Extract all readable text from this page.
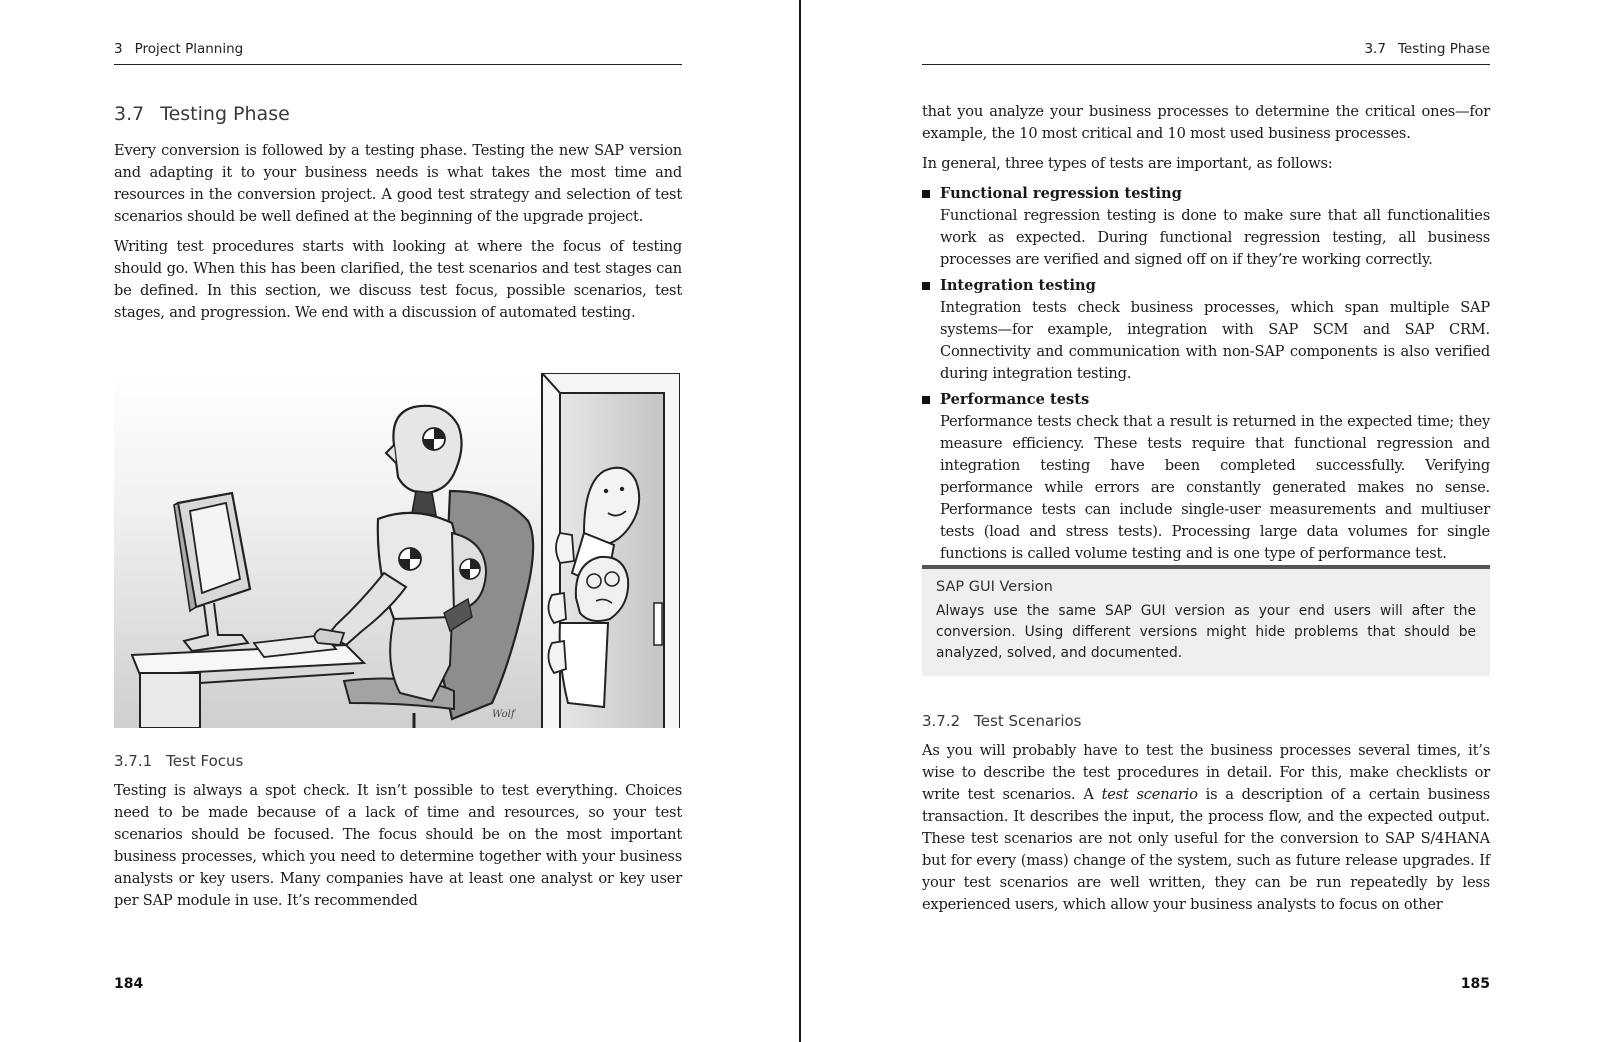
3 Project Planning
3.7 Testing Phase

Every conversion is followed by a testing phase. Testing the new SAP version and adapting it to your business needs is what takes the most time and resources in the conversion project. A good test strategy and selection of test scenarios should be well defined at the beginning of the upgrade project.

Writing test procedures starts with looking at where the focus of testing should go. When this has been clarified, the test scenarios and test stages can be defined. In this section, we discuss test focus, possible scenarios, test stages, and progression. We end with a discussion of automated testing.

Wolf
3.7.1 Test Focus

Testing is always a spot check. It isn’t possible to test everything. Choices need to be made because of a lack of time and resources, so your test scenarios should be focused. The focus should be on the most important business processes, which you need to determine together with your business analysts or key users. Many companies have at least one analyst or key user per SAP module in use. It’s recommended

184
3.7 Testing Phase

that you analyze your business processes to determine the critical ones—for example, the 10 most critical and 10 most used business processes.

In general, three types of tests are important, as follows:

Functional regression testing
Functional regression testing is done to make sure that all functionalities work as expected. During functional regression testing, all business processes are verified and signed off on if they’re working correctly.
Integration testing
Integration tests check business processes, which span multiple SAP systems—for example, integration with SAP SCM and SAP CRM. Connectivity and communication with non-SAP components is also verified during integration testing.
Performance tests
Performance tests check that a result is returned in the expected time; they measure efficiency. These tests require that functional regression and integration testing have been completed successfully. Verifying performance while errors are constantly generated makes no sense. Performance tests can include single-user measurements and multiuser tests (load and stress tests). Processing large data volumes for single functions is called volume testing and is one type of performance test.
SAP GUI Version
Always use the same SAP GUI version as your end users will after the conversion. Using different versions might hide problems that should be analyzed, solved, and documented.
3.7.2 Test Scenarios

As you will probably have to test the business processes several times, it’s wise to describe the test procedures in detail. For this, make checklists or write test scenarios. A test scenario is a description of a certain business transaction. It describes the input, the process flow, and the expected output. These test scenarios are not only useful for the conversion to SAP S/4HANA but for every (mass) change of the system, such as future release upgrades. If your test scenarios are well written, they can be run repeatedly by less experienced users, which allow your business analysts to focus on other

185
